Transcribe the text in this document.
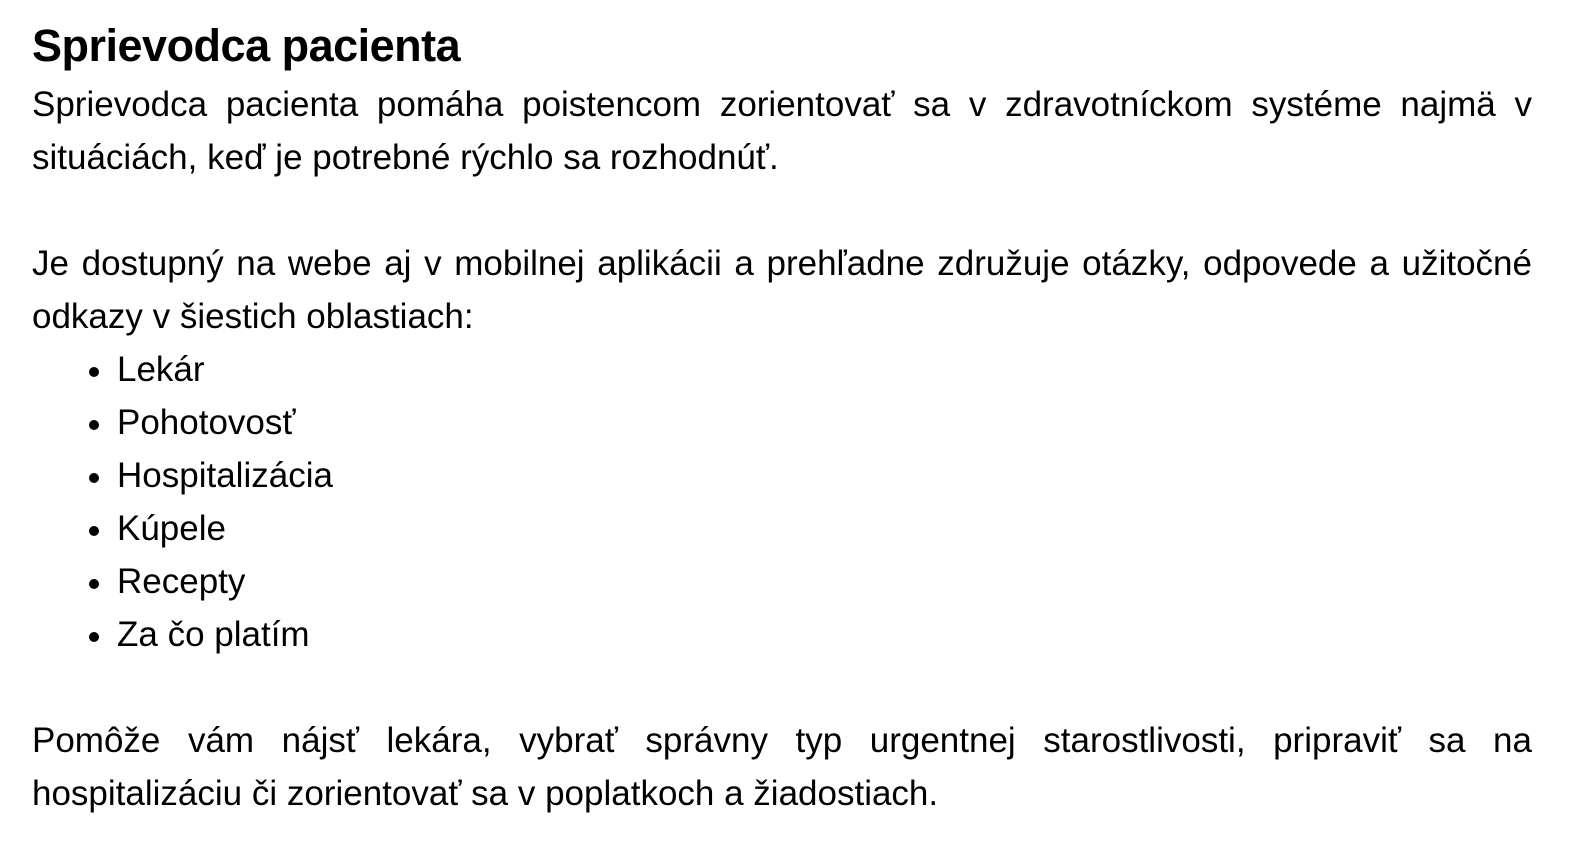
Sprievodca pacienta

Sprievodca pacienta pomáha poistencom zorientovať sa v zdravotníckom systéme najmä v situáciách, keď je potrebné rýchlo sa rozhodnúť.

Je dostupný na webe aj v mobilnej aplikácii a prehľadne združuje otázky, odpovede a užitočné odkazy v šiestich oblastiach:

Lekár
Pohotovosť
Hospitalizácia
Kúpele
Recepty
Za čo platím

Pomôže vám nájsť lekára, vybrať správny typ urgentnej starostlivosti, pripraviť sa na hospitalizáciu či zorientovať sa v poplatkoch a žiadostiach.
